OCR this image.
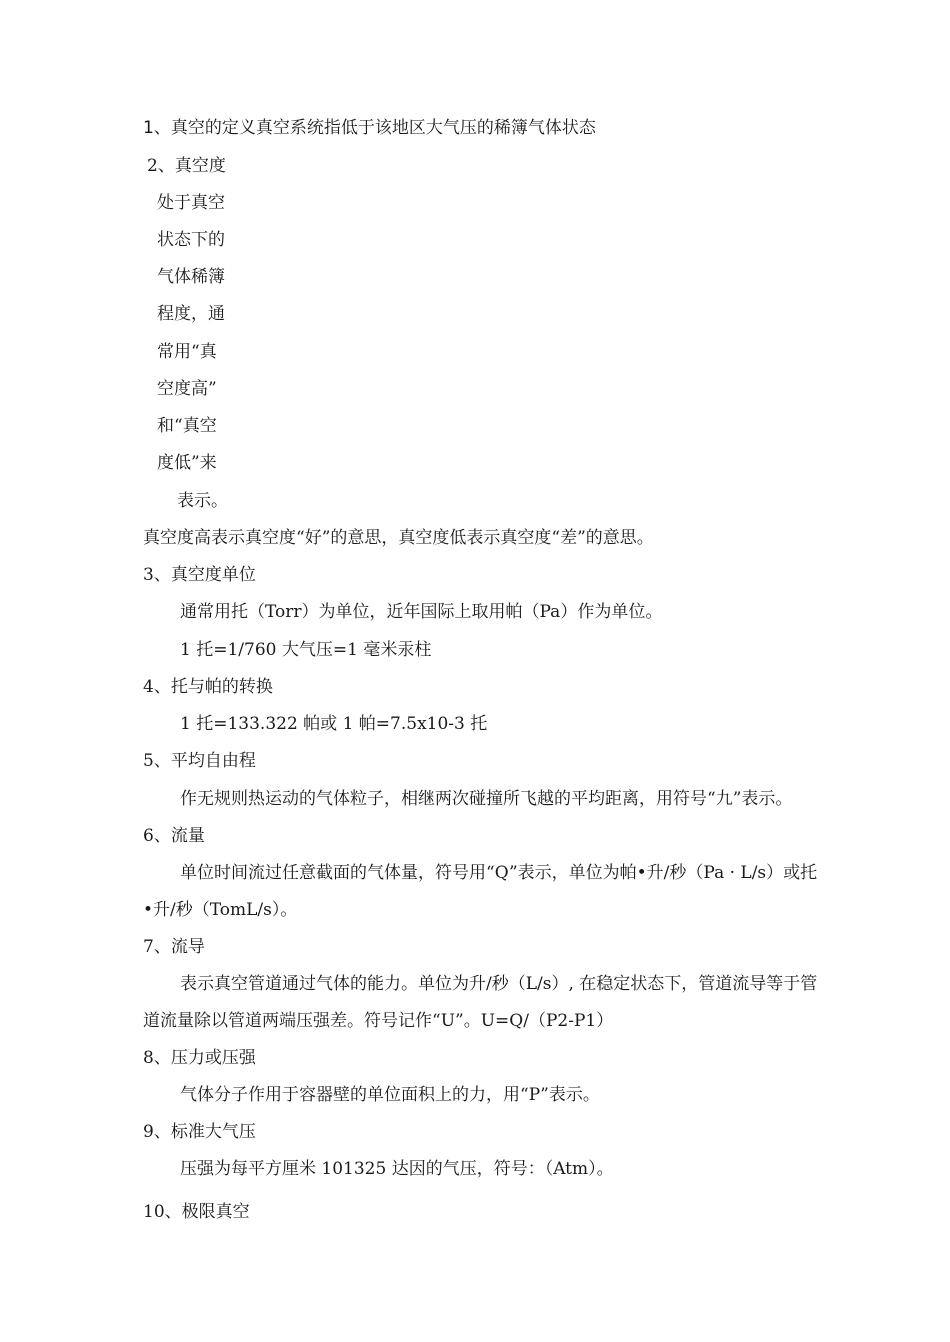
1、真空的定义真空系统指低于该地区大气压的稀簿气体状态

2、真空度

处于真空

状态下的

气体稀簿

程度，通

常用“真

空度高”

和“真空

度低”来

表示。

真空度高表示真空度“好”的意思，真空度低表示真空度“差”的意思。

3、真空度单位

通常用托（Torr）为单位，近年国际上取用帕（Pa）作为单位。

1 托=1/760 大气压=1 毫米汞柱

4、托与帕的转换

1 托=133.322 帕或 1 帕=7.5x10-3 托

5、平均自由程

作无规则热运动的气体粒子，相继两次碰撞所飞越的平均距离，用符号“九”表示。

6、流量

单位时间流过任意截面的气体量，符号用“Q”表示，单位为帕•升/秒（Pa · L/s）或托

•升/秒（TomL/s）。

7、流导

表示真空管道通过气体的能力。单位为升/秒（L/s）, 在稳定状态下，管道流导等于管

道流量除以管道两端压强差。符号记作“U”。U=Q/（P2-P1）

8、压力或压强

气体分子作用于容器壁的单位面积上的力，用“P”表示。

9、标准大气压

压强为每平方厘米 101325 达因的气压，符号：（Atm）。

10、极限真空
